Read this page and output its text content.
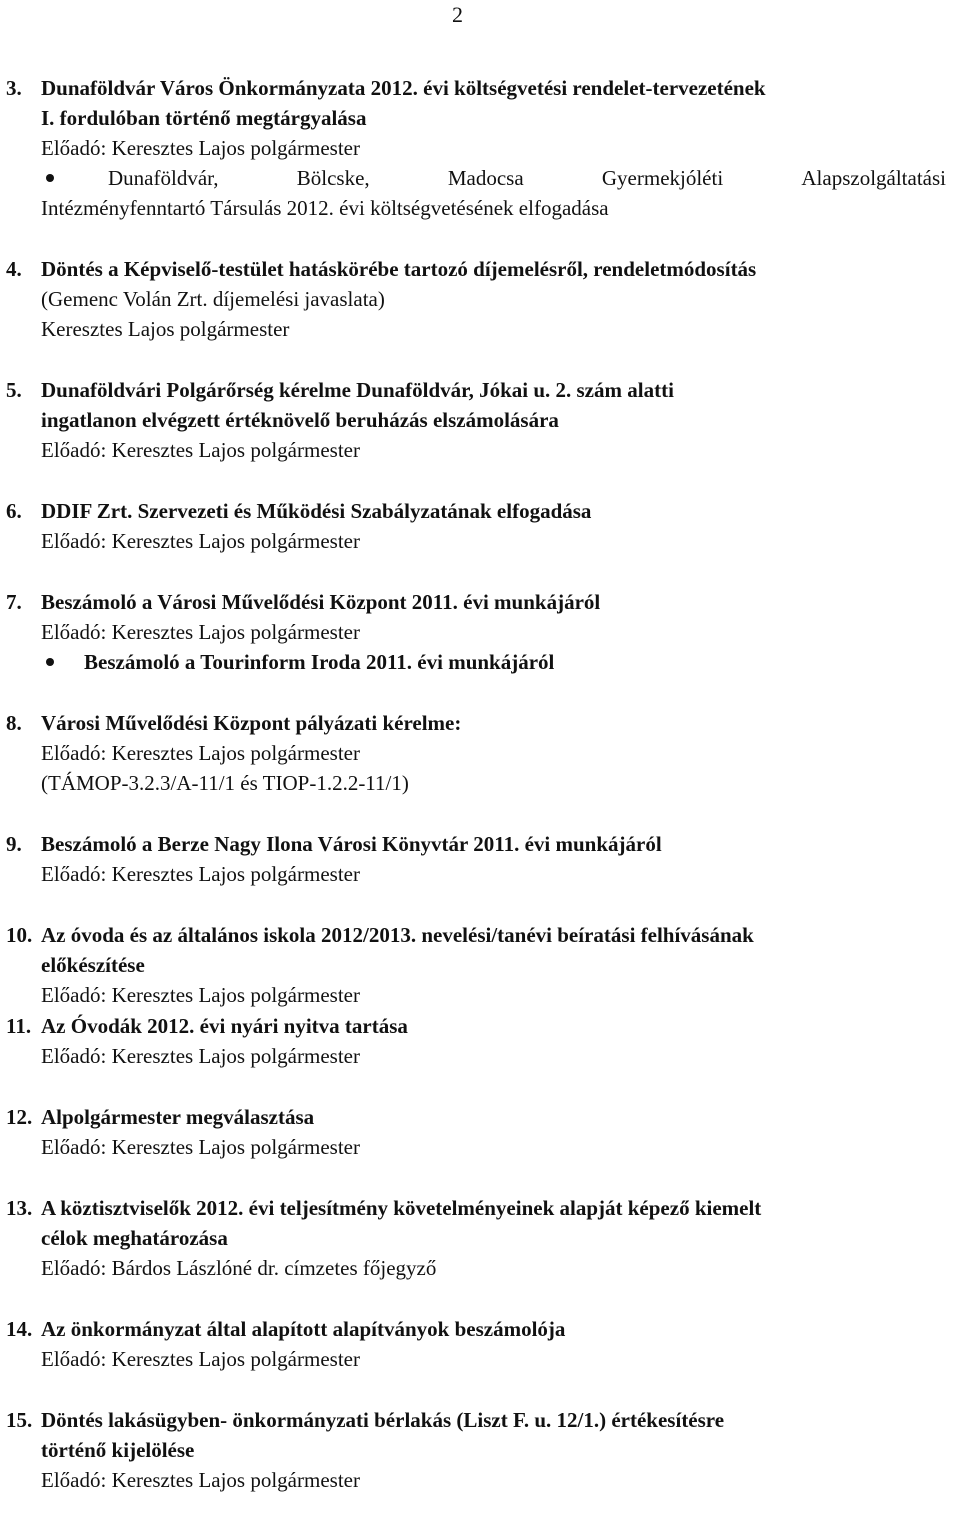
2
3. Dunaföldvár Város Önkormányzata 2012. évi költségvetési rendelet-tervezetének
I. fordulóban történő megtárgyalása
Előadó: Keresztes Lajos polgármester
Dunaföldvár,	Bölcske,	Madocsa	Gyermekjóléti	Alapszolgáltatási
Intézményfenntartó Társulás 2012. évi költségvetésének elfogadása
4. Döntés a Képviselő-testület hatáskörébe tartozó díjemelésről, rendeletmódosítás
(Gemenc Volán Zrt. díjemelési javaslata)
Keresztes Lajos polgármester
5. Dunaföldvári Polgárőrség kérelme Dunaföldvár, Jókai u. 2. szám alatti
ingatlanon elvégzett értéknövelő beruházás elszámolására
Előadó: Keresztes Lajos polgármester
6. DDIF Zrt. Szervezeti és Működési Szabályzatának elfogadása
Előadó: Keresztes Lajos polgármester
7. Beszámoló a Városi Művelődési Központ 2011. évi munkájáról
Előadó: Keresztes Lajos polgármester
Beszámoló a Tourinform Iroda 2011. évi munkájáról
8. Városi Művelődési Központ pályázati kérelme:
Előadó: Keresztes Lajos polgármester
(TÁMOP-3.2.3/A-11/1 és TIOP-1.2.2-11/1)
9. Beszámoló a Berze Nagy Ilona Városi Könyvtár 2011. évi munkájáról
Előadó: Keresztes Lajos polgármester
10. Az óvoda és az általános iskola 2012/2013. nevelési/tanévi beíratási felhívásának
előkészítése
Előadó: Keresztes Lajos polgármester
11. Az Óvodák 2012. évi nyári nyitva tartása
Előadó: Keresztes Lajos polgármester
12. Alpolgármester megválasztása
Előadó: Keresztes Lajos polgármester
13. A köztisztviselők 2012. évi teljesítmény követelményeinek alapját képező kiemelt
célok meghatározása
Előadó: Bárdos Lászlóné dr. címzetes főjegyző
14. Az önkormányzat által alapított alapítványok beszámolója
Előadó: Keresztes Lajos polgármester
15. Döntés lakásügyben- önkormányzati bérlakás (Liszt F. u. 12/1.) értékesítésre
történő kijelölése
Előadó: Keresztes Lajos polgármester
